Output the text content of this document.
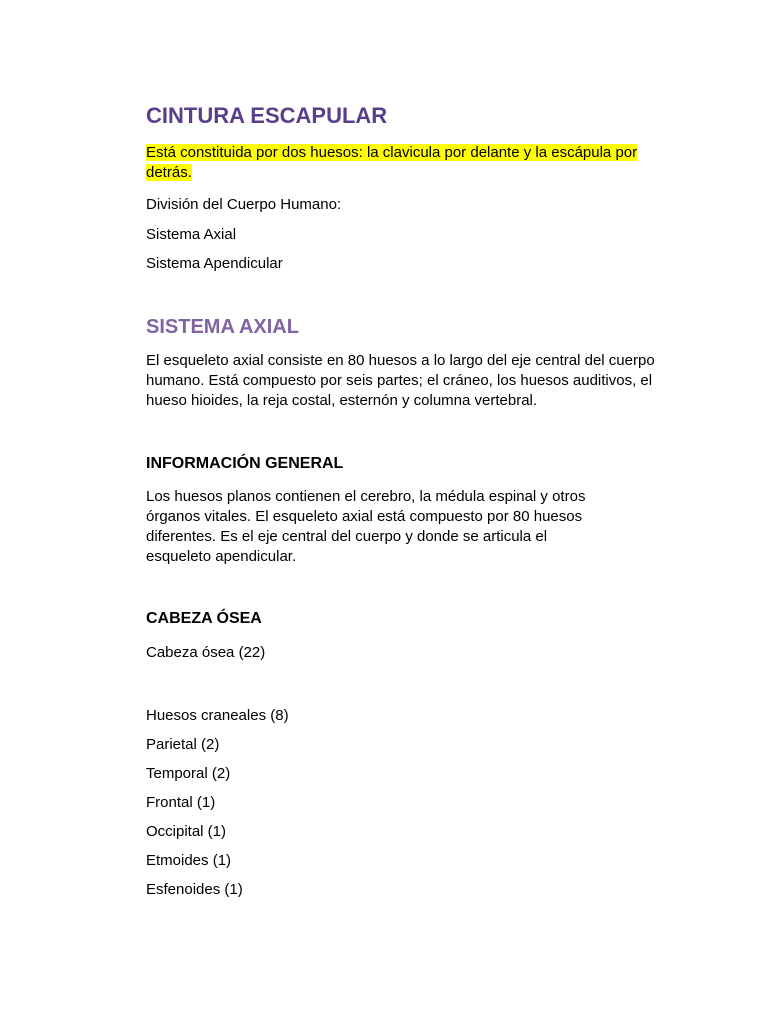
CINTURA ESCAPULAR
Está constituida por dos huesos: la clavicula por delante y la escápula por
detrás.

División del Cuerpo Humano:

Sistema Axial

Sistema Apendicular

SISTEMA AXIAL

El esqueleto axial consiste en 80 huesos a lo largo del eje central del cuerpo humano. Está compuesto por seis partes; el cráneo, los huesos auditivos, el hueso hioides, la reja costal, esternón y columna vertebral.

INFORMACIÓN GENERAL

Los huesos planos contienen el cerebro, la médula espinal y otros órganos vitales. El esqueleto axial está compuesto por 80 huesos diferentes. Es el eje central del cuerpo y donde se articula el esqueleto apendicular.

CABEZA ÓSEA

Cabeza ósea (22)

Huesos craneales (8)

Parietal (2)

Temporal (2)

Frontal (1)

Occipital (1)

Etmoides (1)

Esfenoides (1)
